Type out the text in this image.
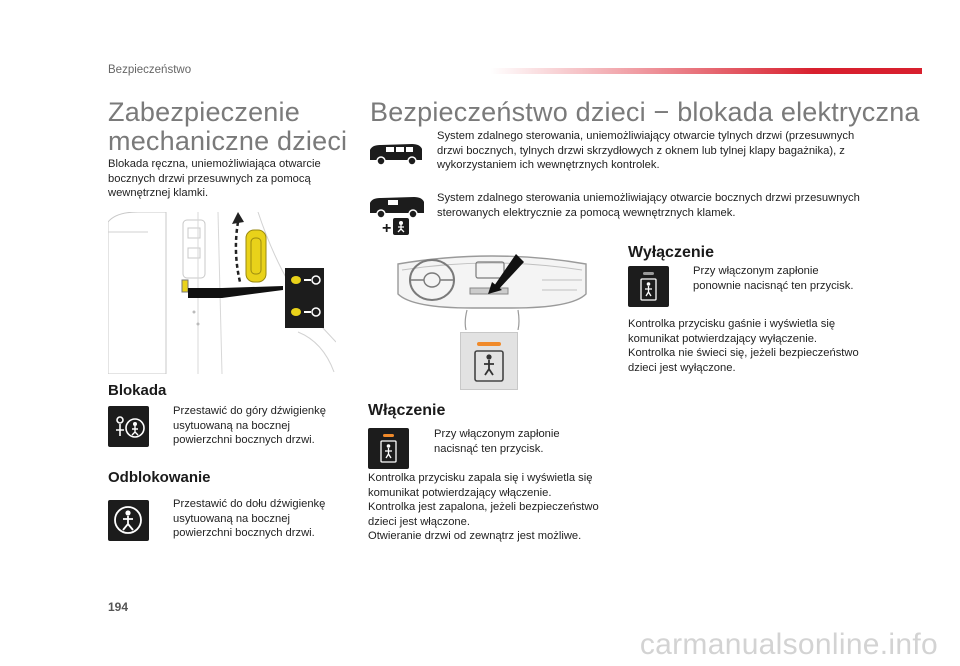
Bezpieczeństwo
Zabezpieczenie
mechaniczne dzieci
Blokada ręczna, uniemożliwiająca otwarcie
bocznych drzwi przesuwnych za pomocą
wewnętrznej klamki.
Blokada
Przestawić do góry dźwigienkę
usytuowaną na bocznej
powierzchni bocznych drzwi.
Odblokowanie
Przestawić do dołu dźwigienkę
usytuowaną na bocznej
powierzchni bocznych drzwi.
Bezpieczeństwo dzieci − blokada elektryczna
System zdalnego sterowania, uniemożliwiający otwarcie tylnych drzwi (przesuwnych
drzwi bocznych, tylnych drzwi skrzydłowych z oknem lub tylnej klapy bagażnika), z
wykorzystaniem ich wewnętrznych kontrolek.
+
System zdalnego sterowania uniemożliwiający otwarcie bocznych drzwi przesuwnych
sterowanych elektrycznie za pomocą wewnętrznych klamek.
Włączenie
Przy włączonym zapłonie
nacisnąć ten przycisk.
Kontrolka przycisku zapala się i wyświetla się
komunikat potwierdzający włączenie.
Kontrolka jest zapalona, jeżeli bezpieczeństwo
dzieci jest włączone.
Otwieranie drzwi od zewnątrz jest możliwe.
Wyłączenie
Przy włączonym zapłonie
ponownie nacisnąć ten przycisk.
Kontrolka przycisku gaśnie i wyświetla się
komunikat potwierdzający wyłączenie.
Kontrolka nie świeci się, jeżeli bezpieczeństwo
dzieci jest wyłączone.
194
carmanualsonline.info
